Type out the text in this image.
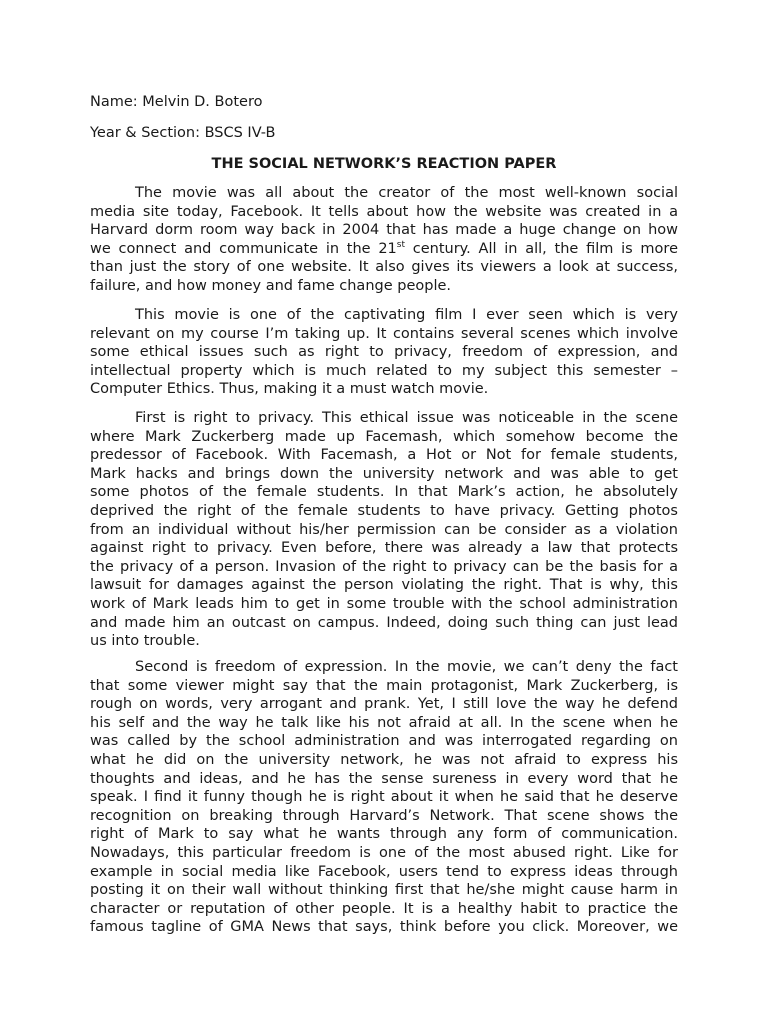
Name: Melvin D. Botero
Year & Section: BSCS IV-B
THE SOCIAL NETWORK’S REACTION PAPER
The movie was all about the creator of the most well-known social
media site today, Facebook. It tells about how the website was created in a
Harvard dorm room way back in 2004 that has made a huge change on how
we connect and communicate in the 21st century. All in all, the film is more
than just the story of one website. It also gives its viewers a look at success,
failure, and how money and fame change people.
This movie is one of the captivating film I ever seen which is very
relevant on my course I’m taking up. It contains several scenes which involve
some ethical issues such as right to privacy, freedom of expression, and
intellectual property which is much related to my subject this semester –
Computer Ethics. Thus, making it a must watch movie.
First is right to privacy. This ethical issue was noticeable in the scene
where Mark Zuckerberg made up Facemash, which somehow become the
predessor of Facebook. With Facemash, a Hot or Not for female students,
Mark hacks and brings down the university network and was able to get
some photos of the female students. In that Mark’s action, he absolutely
deprived the right of the female students to have privacy. Getting photos
from an individual without his/her permission can be consider as a violation
against right to privacy. Even before, there was already a law that protects
the privacy of a person. Invasion of the right to privacy can be the basis for a
lawsuit for damages against the person violating the right. That is why, this
work of Mark leads him to get in some trouble with the school administration
and made him an outcast on campus. Indeed, doing such thing can just lead
us into trouble.
Second is freedom of expression. In the movie, we can’t deny the fact
that some viewer might say that the main protagonist, Mark Zuckerberg, is
rough on words, very arrogant and prank. Yet, I still love the way he defend
his self and the way he talk like his not afraid at all. In the scene when he
was called by the school administration and was interrogated regarding on
what he did on the university network, he was not afraid to express his
thoughts and ideas, and he has the sense sureness in every word that he
speak. I find it funny though he is right about it when he said that he deserve
recognition on breaking through Harvard’s Network. That scene shows the
right of Mark to say what he wants through any form of communication.
Nowadays, this particular freedom is one of the most abused right. Like for
example in social media like Facebook, users tend to express ideas through
posting it on their wall without thinking first that he/she might cause harm in
character or reputation of other people. It is a healthy habit to practice the
famous tagline of GMA News that says, think before you click. Moreover, we
